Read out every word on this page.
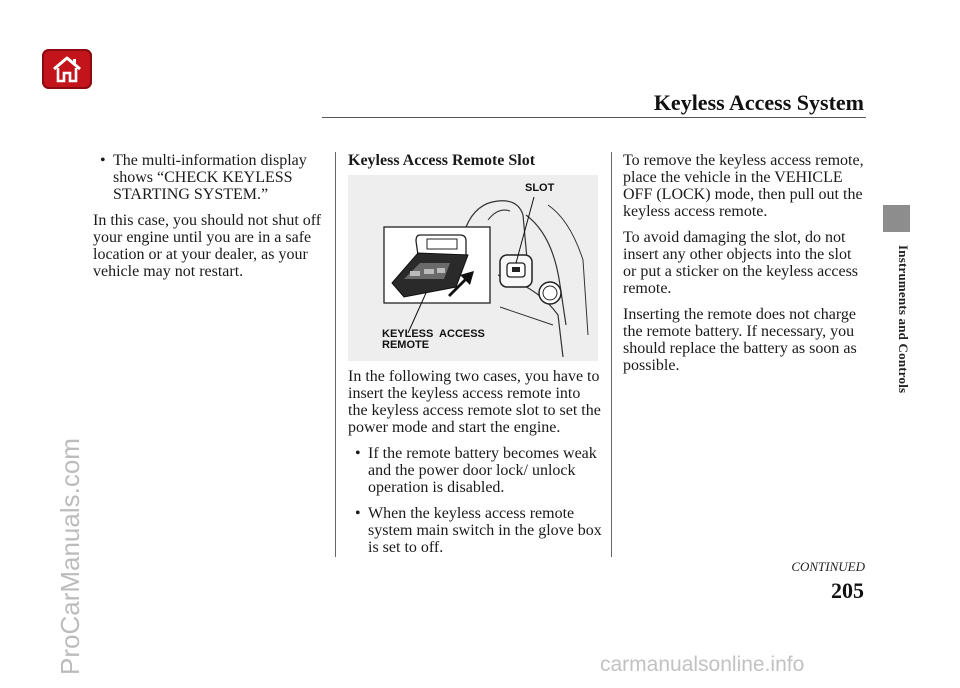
Keyless Access System
Instruments and Controls
ProCarManuals.com	carmanualsonline.info
• The multi-information display shows “CHECK KEYLESS STARTING SYSTEM.”

In this case, you should not shut off your engine until you are in a safe location or at your dealer, as your vehicle may not restart.

Keyless Access Remote Slot
SLOT
KEYLESS  ACCESS
REMOTE

In the following two cases, you have to insert the keyless access remote into the keyless access remote slot to set the power mode and start the engine.

• If the remote battery becomes weak and the power door lock/ unlock operation is disabled.
• When the keyless access remote system main switch in the glove box is set to off.

To remove the keyless access remote, place the vehicle in the VEHICLE OFF (LOCK) mode, then pull out the keyless access remote.

To avoid damaging the slot, do not insert any other objects into the slot or put a sticker on the keyless access remote.

Inserting the remote does not charge the remote battery. If necessary, you should replace the battery as soon as possible.

CONTINUED
205
